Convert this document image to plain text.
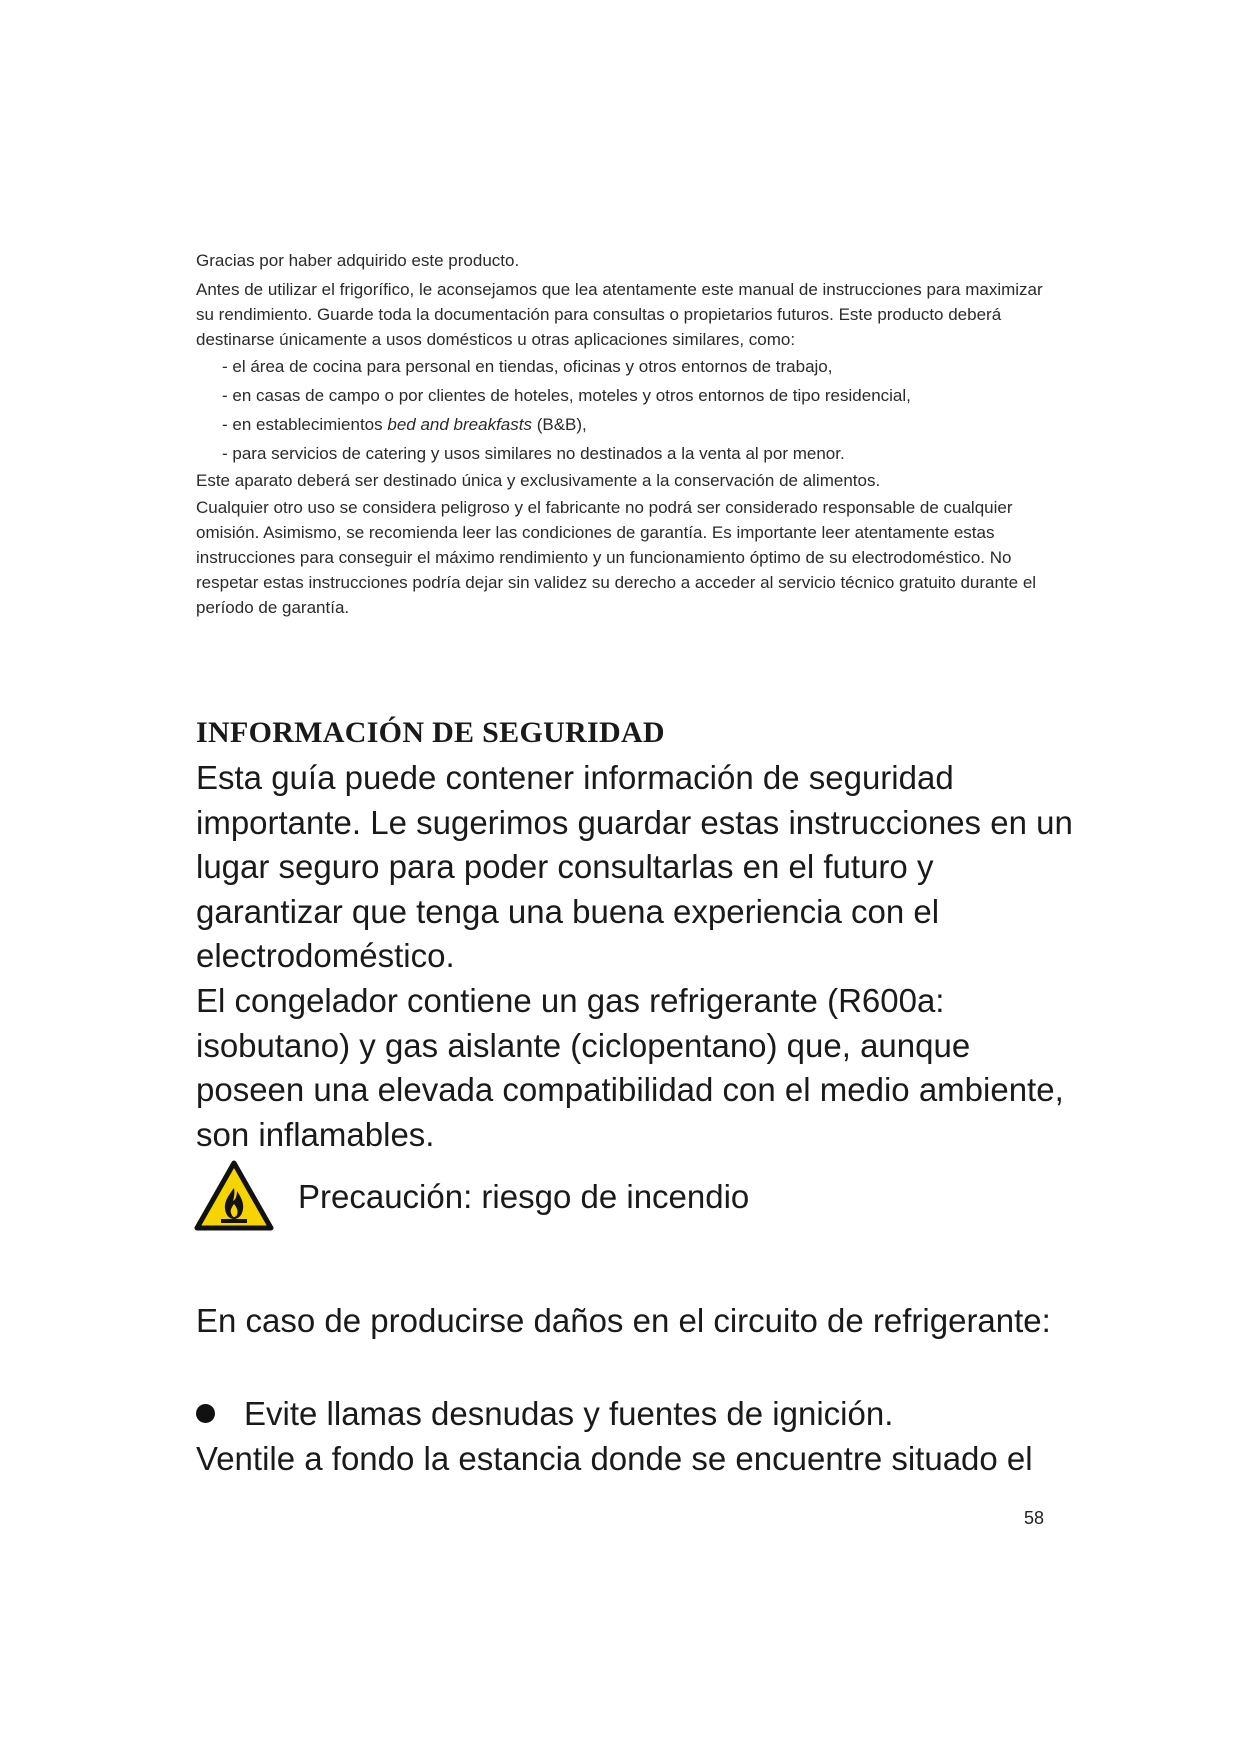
Gracias por haber adquirido este producto.

Antes de utilizar el frigorífico, le aconsejamos que lea atentamente este manual de instrucciones para maximizar su rendimiento. Guarde toda la documentación para consultas o propietarios futuros. Este producto deberá destinarse únicamente a usos domésticos u otras aplicaciones similares, como:

- el área de cocina para personal en tiendas, oficinas y otros entornos de trabajo,
- en casas de campo o por clientes de hoteles, moteles y otros entornos de tipo residencial,
- en establecimientos bed and breakfasts (B&B),
- para servicios de catering y usos similares no destinados a la venta al por menor.

Este aparato deberá ser destinado única y exclusivamente a la conservación de alimentos.

Cualquier otro uso se considera peligroso y el fabricante no podrá ser considerado responsable de cualquier omisión. Asimismo, se recomienda leer las condiciones de garantía. Es importante leer atentamente estas instrucciones para conseguir el máximo rendimiento y un funcionamiento óptimo de su electrodoméstico. No respetar estas instrucciones podría dejar sin validez su derecho a acceder al servicio técnico gratuito durante el período de garantía.

INFORMACIÓN DE SEGURIDAD

Esta guía puede contener información de seguridad importante. Le sugerimos guardar estas instrucciones en un lugar seguro para poder consultarlas en el futuro y garantizar que tenga una buena experiencia con el electrodoméstico.
El congelador contiene un gas refrigerante (R600a: isobutano) y gas aislante (ciclopentano) que, aunque poseen una elevada compatibilidad con el medio ambiente, son inflamables.

Precaución: riesgo de incendio

En caso de producirse daños en el circuito de refrigerante:

Evite llamas desnudas y fuentes de ignición.
Ventile a fondo la estancia donde se encuentre situado el
58
